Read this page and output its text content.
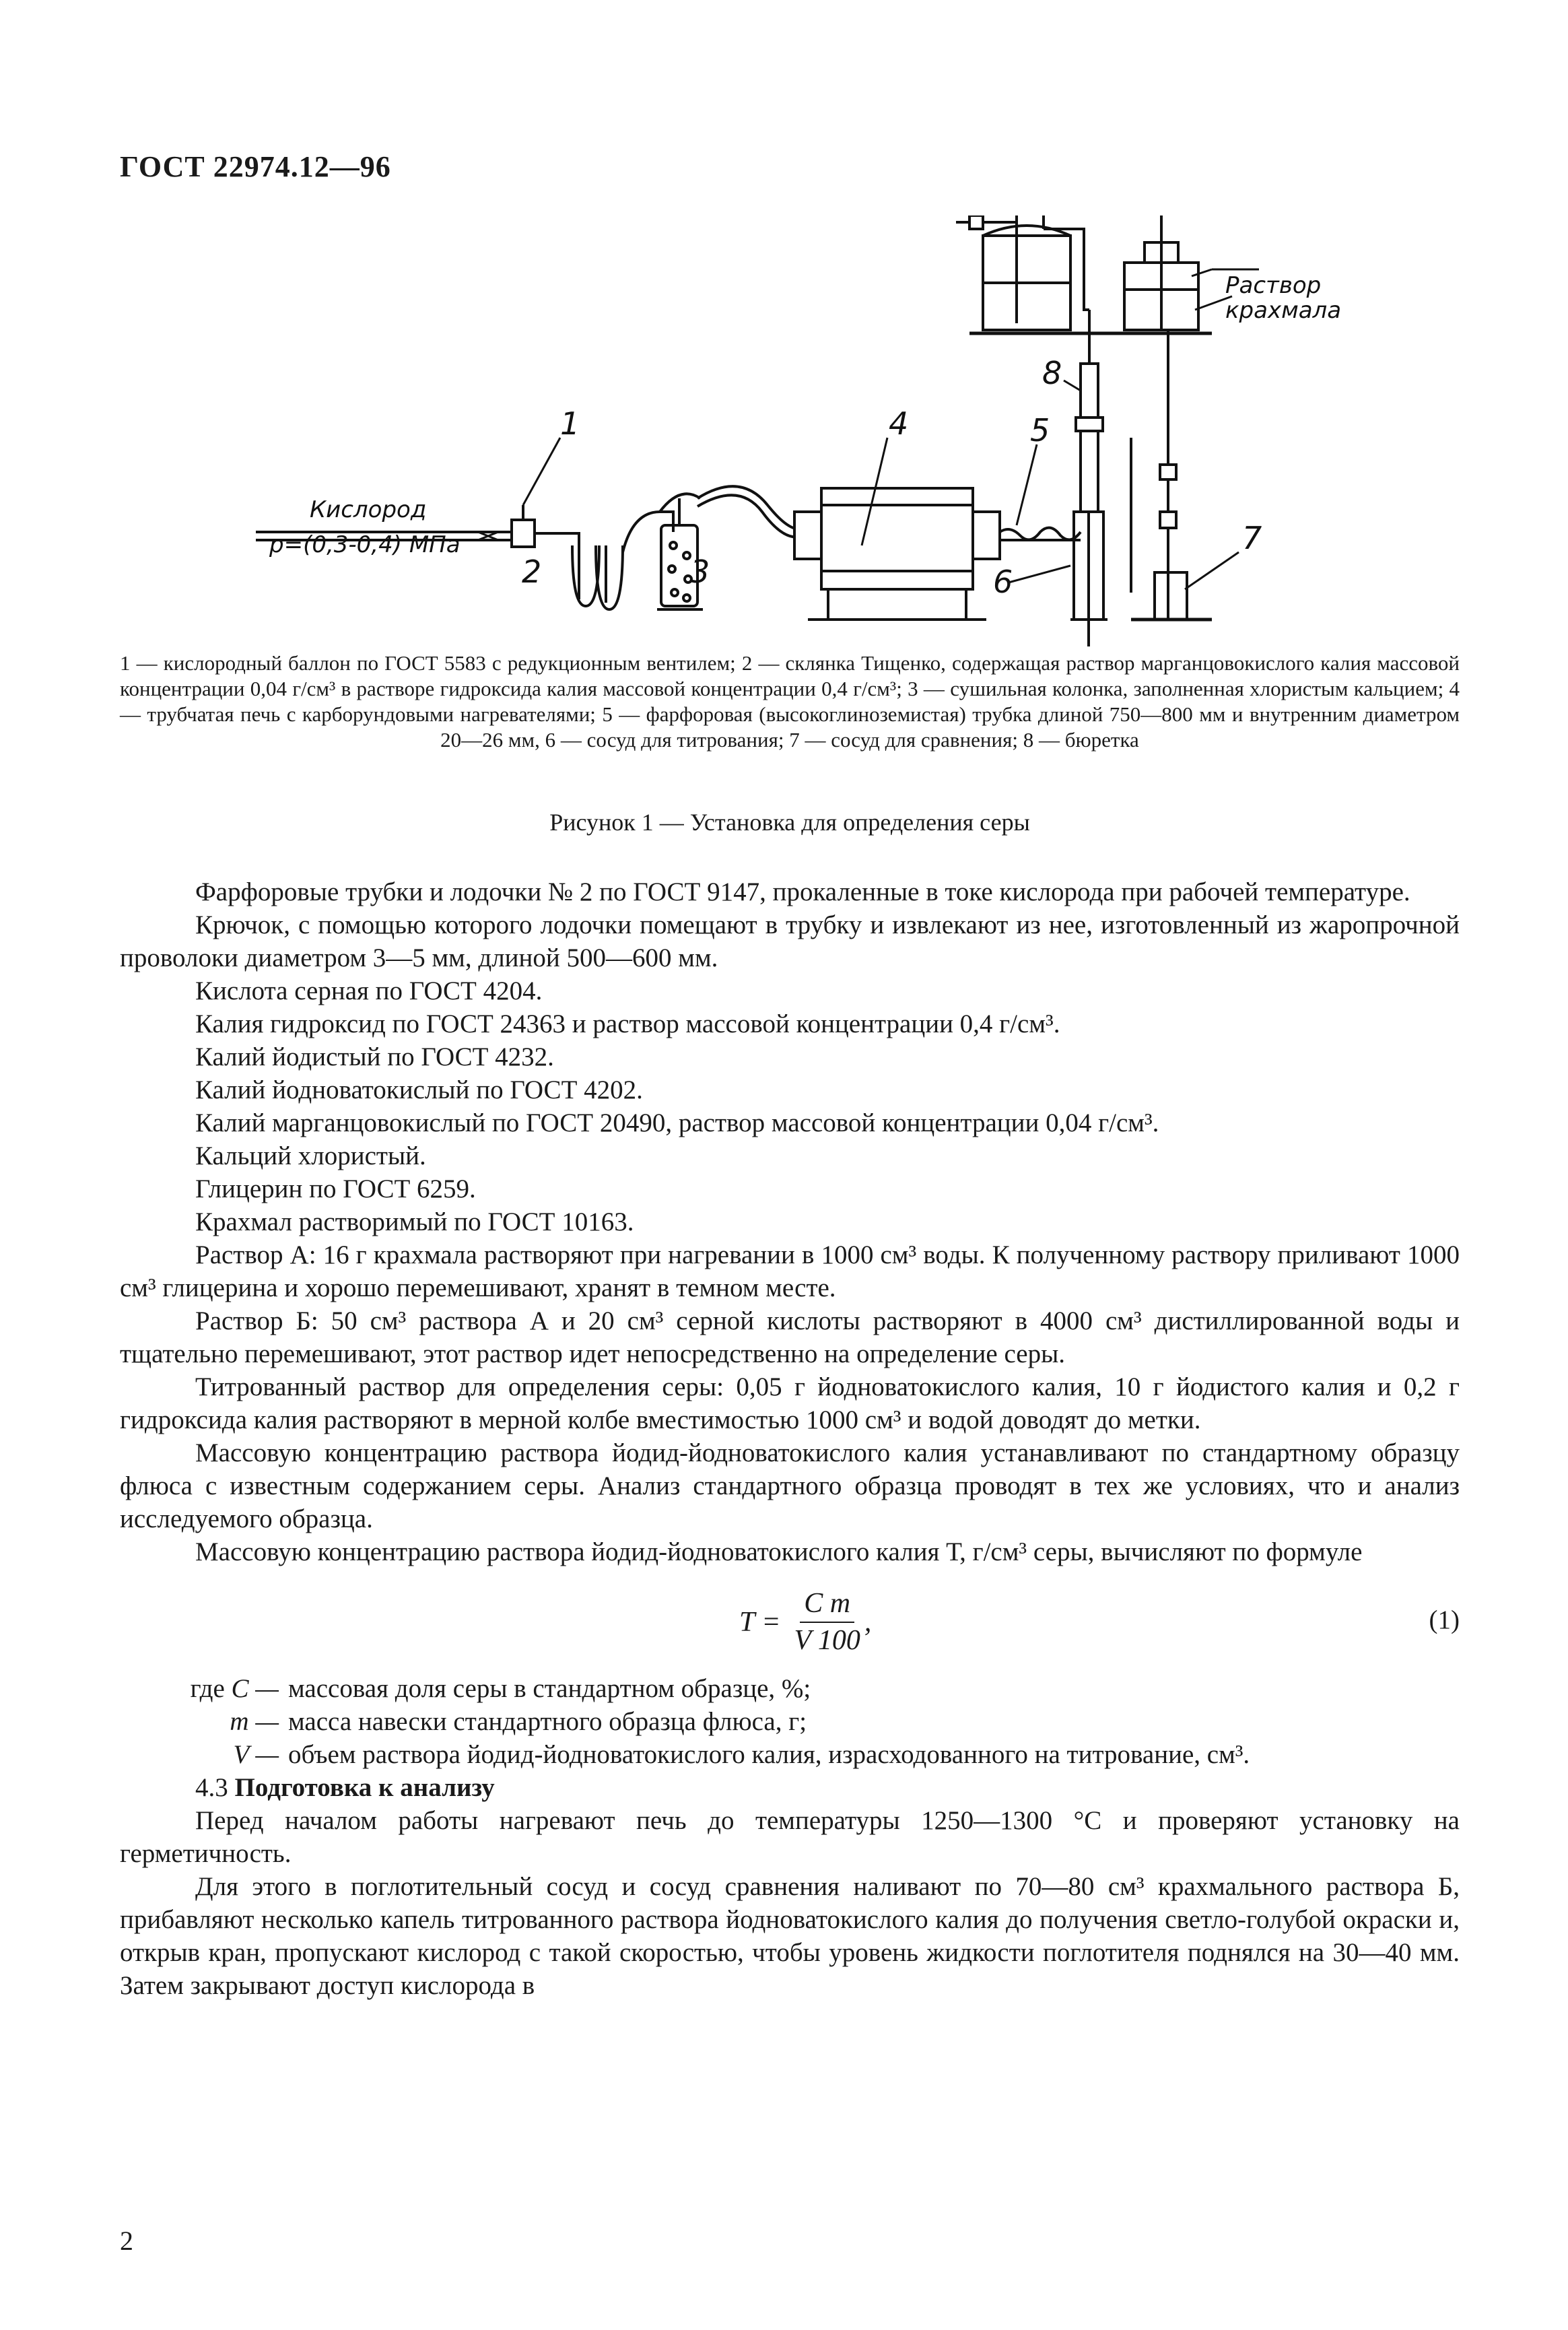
ГОСТ 22974.12—96
Кислород
р=(0,3-0,4) МПа
Раствор
крахмала
1
2	3
4	5
6
7
8
1 — кислородный баллон по ГОСТ 5583 с редукционным вентилем; 2 — склянка Тищенко, содержащая раствор марганцовокислого калия массовой концентрации 0,04 г/см³ в растворе гидроксида калия массовой концентрации 0,4 г/см³; 3 — сушильная колонка, заполненная хлористым кальцием; 4 — трубчатая печь с карборундовыми нагревателями; 5 — фарфоровая (высокоглиноземистая) трубка длиной 750—800 мм и внутренним диаметром 20—26 мм, 6 — сосуд для титрования; 7 — сосуд для сравнения; 8 — бюретка
Рисунок 1 — Установка для определения серы

Фарфоровые трубки и лодочки № 2 по ГОСТ 9147, прокаленные в токе кислорода при рабочей температуре.

Крючок, с помощью которого лодочки помещают в трубку и извлекают из нее, изготовленный из жаропрочной проволоки диаметром 3—5 мм, длиной 500—600 мм.

Кислота серная по ГОСТ 4204.

Калия гидроксид по ГОСТ 24363 и раствор массовой концентрации 0,4 г/см³.

Калий йодистый по ГОСТ 4232.

Калий йодноватокислый по ГОСТ 4202.

Калий марганцовокислый по ГОСТ 20490, раствор массовой концентрации 0,04 г/см³.

Кальций хлористый.

Глицерин по ГОСТ 6259.

Крахмал растворимый по ГОСТ 10163.

Раствор А: 16 г крахмала растворяют при нагревании в 1000 см³ воды. К полученному раствору приливают 1000 см³ глицерина и хорошо перемешивают, хранят в темном месте.

Раствор Б: 50 см³ раствора А и 20 см³ серной кислоты растворяют в 4000 см³ дистиллированной воды и тщательно перемешивают, этот раствор идет непосредственно на определение серы.

Титрованный раствор для определения серы: 0,05 г йодноватокислого калия, 10 г йодистого калия и 0,2 г гидроксида калия растворяют в мерной колбе вместимостью 1000 см³ и водой доводят до метки.

Массовую концентрацию раствора йодид-йодноватокислого калия устанавливают по стандартному образцу флюса с известным содержанием серы. Анализ стандартного образца проводят в тех же условиях, что и анализ исследуемого образца.

Массовую концентрацию раствора йодид-йодноватокислого калия Т, г/см³ серы, вычисляют по формуле

$T = \frac{\text{C m}}{V 100}$ ,	(1)
где C — массовая доля серы в стандартном образце, %;
m — масса навески стандартного образца флюса, г;
V — объем раствора йодид-йодноватокислого калия, израсходованного на титрование, см³.

4.3 Подготовка к анализу

Перед началом работы нагревают печь до температуры 1250—1300 °С и проверяют установку на герметичность.

Для этого в поглотительный сосуд и сосуд сравнения наливают по 70—80 см³ крахмального раствора Б, прибавляют несколько капель титрованного раствора йодноватокислого калия до получения светло-голубой окраски и, открыв кран, пропускают кислород с такой скоростью, чтобы уровень жидкости поглотителя поднялся на 30—40 мм. Затем закрывают доступ кислорода в

2
